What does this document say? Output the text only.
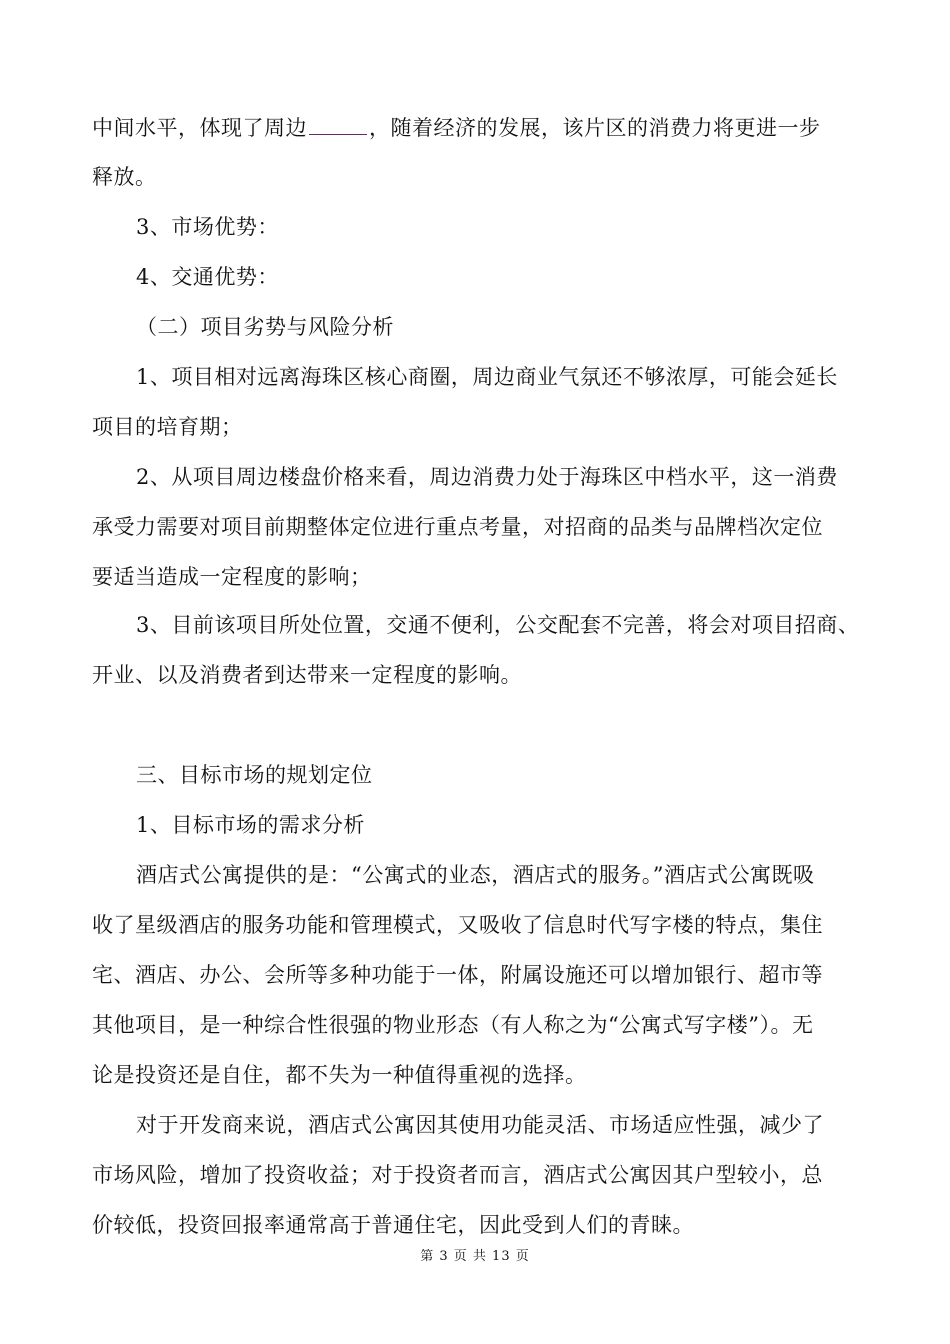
中间水平，体现了周边	，随着经济的发展，该片区的消费力将更进一步
释放。
3、市场优势：
4、交通优势：
（二）项目劣势与风险分析
1、项目相对远离海珠区核心商圈，周边商业气氛还不够浓厚，可能会延长
项目的培育期；
2、从项目周边楼盘价格来看，周边消费力处于海珠区中档水平，这一消费
承受力需要对项目前期整体定位进行重点考量，对招商的品类与品牌档次定位
要适当造成一定程度的影响；
3、目前该项目所处位置，交通不便利，公交配套不完善，将会对项目招商、
开业、以及消费者到达带来一定程度的影响。
三、目标市场的规划定位
1、目标市场的需求分析
酒店式公寓提供的是：“公寓式的业态，酒店式的服务。”酒店式公寓既吸
收了星级酒店的服务功能和管理模式，又吸收了信息时代写字楼的特点，集住
宅、酒店、办公、会所等多种功能于一体，附属设施还可以增加银行、超市等
其他项目，是一种综合性很强的物业形态（有人称之为“公寓式写字楼”）。无
论是投资还是自住，都不失为一种值得重视的选择。
对于开发商来说，酒店式公寓因其使用功能灵活、市场适应性强，减少了
市场风险，增加了投资收益；对于投资者而言，酒店式公寓因其户型较小，总
价较低，投资回报率通常高于普通住宅，因此受到人们的青睐。
第 3 页 共 13 页
